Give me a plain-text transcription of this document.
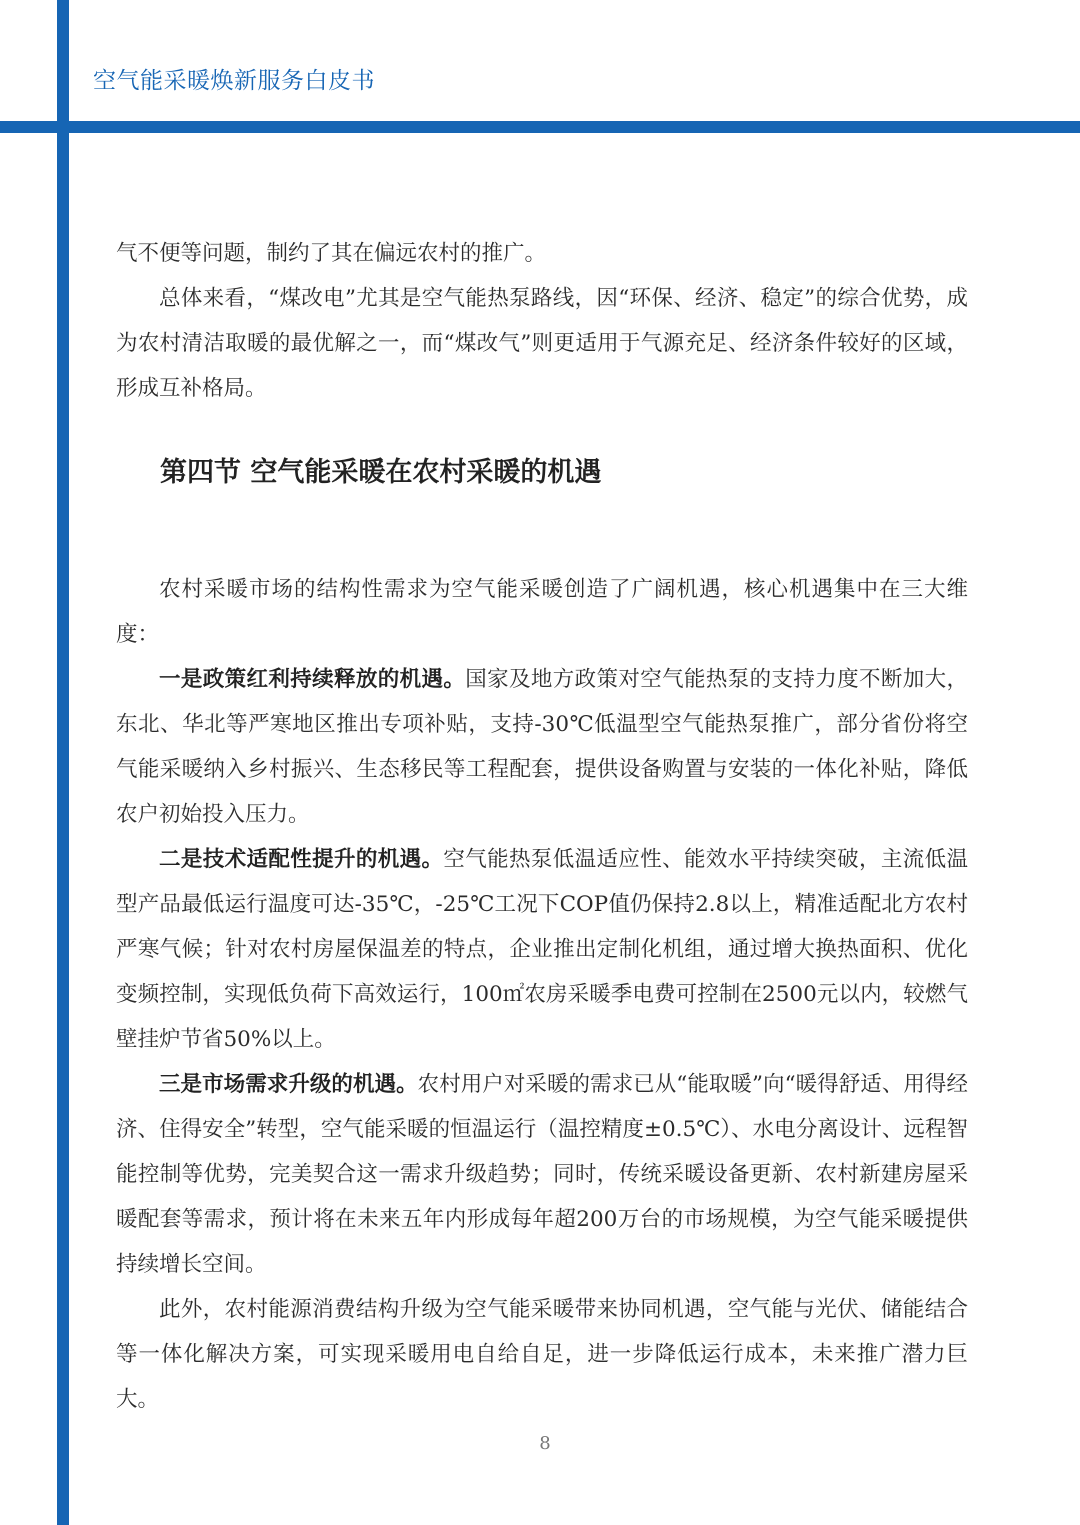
空气能采暖焕新服务白皮书

气不便等问题，制约了其在偏远农村的推广。

总体来看，“煤改电”尤其是空气能热泵路线，因“环保、经济、稳定”的综合优势，成为农村清洁取暖的最优解之一，而“煤改气”则更适用于气源充足、经济条件较好的区域，形成互补格局。

第四节 空气能采暖在农村采暖的机遇

农村采暖市场的结构性需求为空气能采暖创造了广阔机遇，核心机遇集中在三大维度：

一是政策红利持续释放的机遇。国家及地方政策对空气能热泵的支持力度不断加大，东北、华北等严寒地区推出专项补贴，支持-30℃低温型空气能热泵推广，部分省份将空气能采暖纳入乡村振兴、生态移民等工程配套，提供设备购置与安装的一体化补贴，降低农户初始投入压力。

二是技术适配性提升的机遇。空气能热泵低温适应性、能效水平持续突破，主流低温型产品最低运行温度可达-35℃，-25℃工况下COP值仍保持2.8以上，精准适配北方农村严寒气候；针对农村房屋保温差的特点，企业推出定制化机组，通过增大换热面积、优化变频控制，实现低负荷下高效运行，100㎡农房采暖季电费可控制在2500元以内，较燃气壁挂炉节省50%以上。

三是市场需求升级的机遇。农村用户对采暖的需求已从“能取暖”向“暖得舒适、用得经济、住得安全”转型，空气能采暖的恒温运行（温控精度±0.5℃）、水电分离设计、远程智能控制等优势，完美契合这一需求升级趋势；同时，传统采暖设备更新、农村新建房屋采暖配套等需求，预计将在未来五年内形成每年超200万台的市场规模，为空气能采暖提供持续增长空间。

此外，农村能源消费结构升级为空气能采暖带来协同机遇，空气能与光伏、储能结合等一体化解决方案，可实现采暖用电自给自足，进一步降低运行成本，未来推广潜力巨大。

8
